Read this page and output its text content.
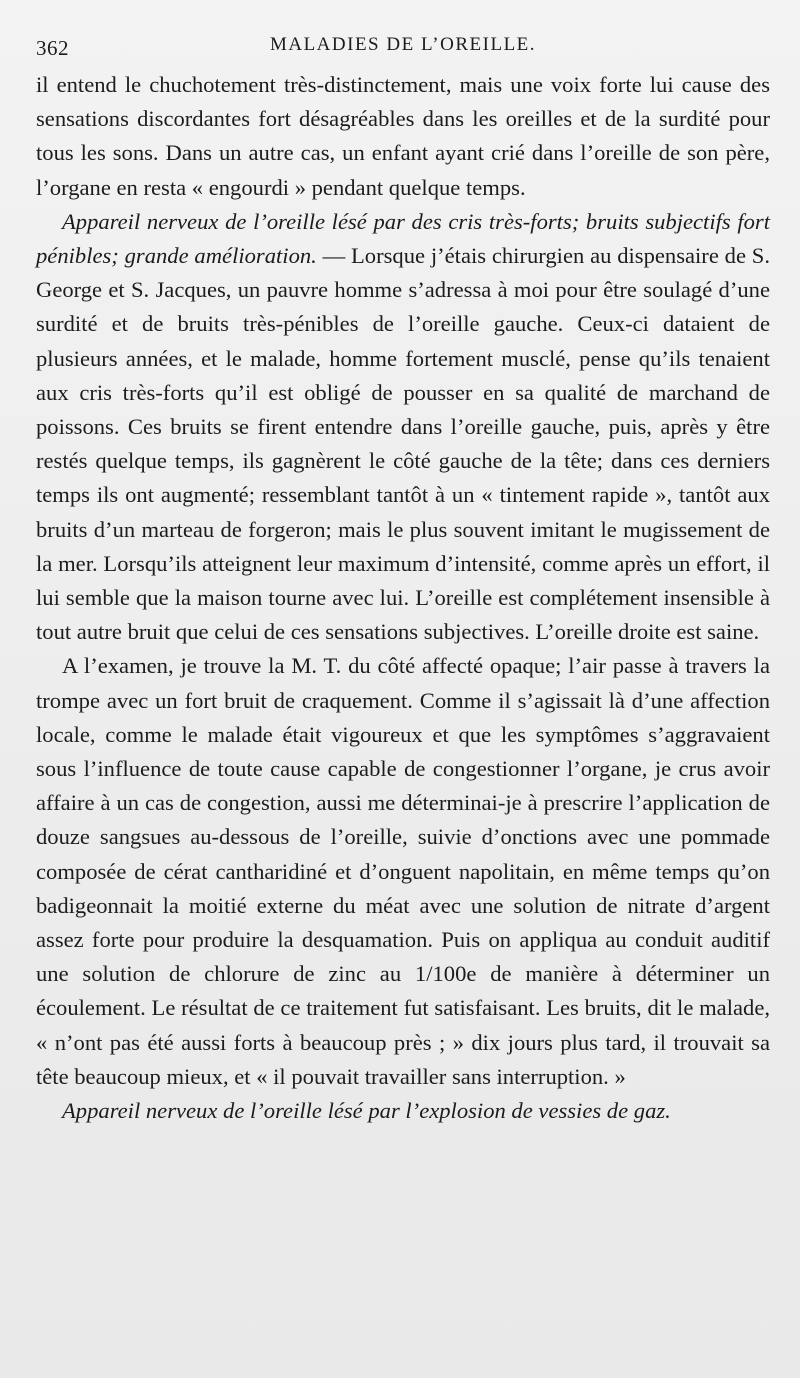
362	MALADIES DE L’OREILLE.

il entend le chuchotement très-distinctement, mais une voix forte lui cause des sensations discordantes fort désagréables dans les oreilles et de la surdité pour tous les sons. Dans un autre cas, un enfant ayant crié dans l’oreille de son père, l’organe en resta « engourdi » pendant quelque temps.

Appareil nerveux de l’oreille lésé par des cris très-forts; bruits subjectifs fort pénibles; grande amélioration. — Lorsque j’étais chirurgien au dispensaire de S. George et S. Jacques, un pauvre homme s’adressa à moi pour être soulagé d’une surdité et de bruits très-pénibles de l’oreille gauche. Ceux-ci dataient de plusieurs années, et le malade, homme fortement musclé, pense qu’ils tenaient aux cris très-forts qu’il est obligé de pousser en sa qualité de marchand de poissons. Ces bruits se firent entendre dans l’oreille gauche, puis, après y être restés quelque temps, ils gagnèrent le côté gauche de la tête; dans ces derniers temps ils ont augmenté; ressemblant tantôt à un « tintement rapide », tantôt aux bruits d’un marteau de forgeron; mais le plus souvent imitant le mugissement de la mer. Lorsqu’ils atteignent leur maximum d’intensité, comme après un effort, il lui semble que la maison tourne avec lui. L’oreille est complétement insensible à tout autre bruit que celui de ces sensations subjectives. L’oreille droite est saine.

A l’examen, je trouve la M. T. du côté affecté opaque; l’air passe à travers la trompe avec un fort bruit de craquement. Comme il s’agissait là d’une affection locale, comme le malade était vigoureux et que les symptômes s’aggravaient sous l’influence de toute cause capable de congestionner l’organe, je crus avoir affaire à un cas de congestion, aussi me déterminai-je à prescrire l’application de douze sangsues au-dessous de l’oreille, suivie d’onctions avec une pommade composée de cérat cantharidiné et d’onguent napolitain, en même temps qu’on badigeonnait la moitié externe du méat avec une solution de nitrate d’argent assez forte pour produire la desquamation. Puis on appliqua au conduit auditif une solution de chlorure de zinc au 1/100e de manière à déterminer un écoulement. Le résultat de ce traitement fut satisfaisant. Les bruits, dit le malade, « n’ont pas été aussi forts à beaucoup près ; » dix jours plus tard, il trouvait sa tête beaucoup mieux, et « il pouvait travailler sans interruption. »

Appareil nerveux de l’oreille lésé par l’explosion de vessies de gaz.
